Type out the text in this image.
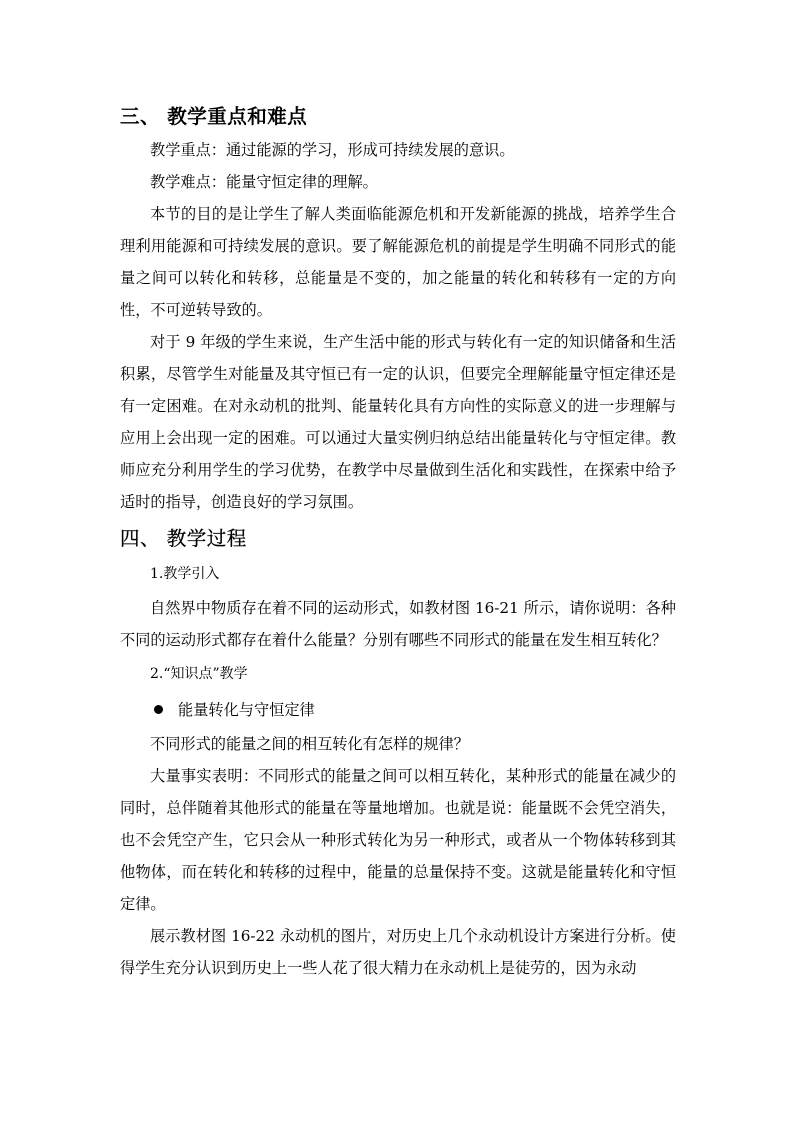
三、 教学重点和难点
教学重点：通过能源的学习，形成可持续发展的意识。
教学难点：能量守恒定律的理解。
本节的目的是让学生了解人类面临能源危机和开发新能源的挑战，培养学生合理利用能源和可持续发展的意识。要了解能源危机的前提是学生明确不同形式的能量之间可以转化和转移，总能量是不变的，加之能量的转化和转移有一定的方向性，不可逆转导致的。
对于 9 年级的学生来说，生产生活中能的形式与转化有一定的知识储备和生活积累，尽管学生对能量及其守恒已有一定的认识，但要完全理解能量守恒定律还是有一定困难。在对永动机的批判、能量转化具有方向性的实际意义的进一步理解与应用上会出现一定的困难。可以通过大量实例归纳总结出能量转化与守恒定律。教师应充分利用学生的学习优势，在教学中尽量做到生活化和实践性，在探索中给予适时的指导，创造良好的学习氛围。
四、 教学过程
1.教学引入
自然界中物质存在着不同的运动形式，如教材图 16-21 所示，请你说明：各种不同的运动形式都存在着什么能量？分别有哪些不同形式的能量在发生相互转化？
2.“知识点”教学
能量转化与守恒定律
不同形式的能量之间的相互转化有怎样的规律？
大量事实表明：不同形式的能量之间可以相互转化，某种形式的能量在减少的同时，总伴随着其他形式的能量在等量地增加。也就是说：能量既不会凭空消失，也不会凭空产生，它只会从一种形式转化为另一种形式，或者从一个物体转移到其他物体，而在转化和转移的过程中，能量的总量保持不变。这就是能量转化和守恒定律。
展示教材图 16-22 永动机的图片，对历史上几个永动机设计方案进行分析。使得学生充分认识到历史上一些人花了很大精力在永动机上是徒劳的，因为永动
